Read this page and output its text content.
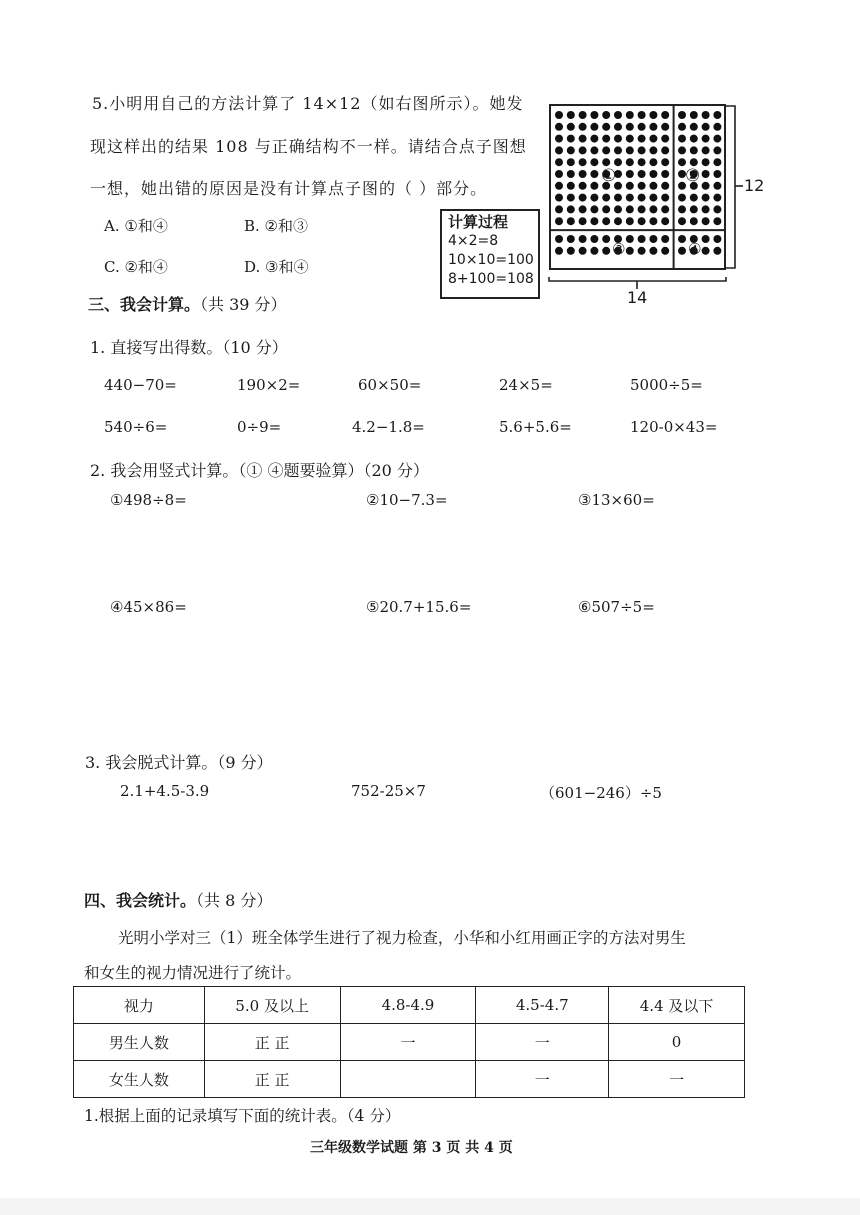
5.小明用自己的方法计算了 14×12（如右图所示）。她发
现这样出的结果 108 与正确结构不一样。请结合点子图想
一想，她出错的原因是没有计算点子图的（ ）部分。
A. ①和④	B. ②和③
C. ②和④	D. ③和④
计算过程
4×2=8
10×10=100
8+100=108
①	②
③	④
12
14
三、我会计算。（共 39 分）
1. 直接写出得数。（10 分）
440−70=	190×2=	60×50=	24×5=	5000÷5=
540÷6=	0÷9=	4.2−1.8=	5.6+5.6=	120-0×43=
2. 我会用竖式计算。（① ④题要验算）（20 分）
①498÷8=	②10−7.3=	③13×60=
④45×86=	⑤20.7+15.6=	⑥507÷5=
3. 我会脱式计算。（9 分）
2.1+4.5-3.9	752-25×7	（601−246）÷5
四、我会统计。（共 8 分）
光明小学对三（1）班全体学生进行了视力检查，小华和小红用画正字的方法对男生
和女生的视力情况进行了统计。
视力	5.0 及以上	4.8-4.9	4.5-4.7	4.4 及以下
男生人数	正 正	一	一	0
女生人数	正 正		一	一
1.根据上面的记录填写下面的统计表。（4 分）
三年级数学试题 第 3 页 共 4 页
